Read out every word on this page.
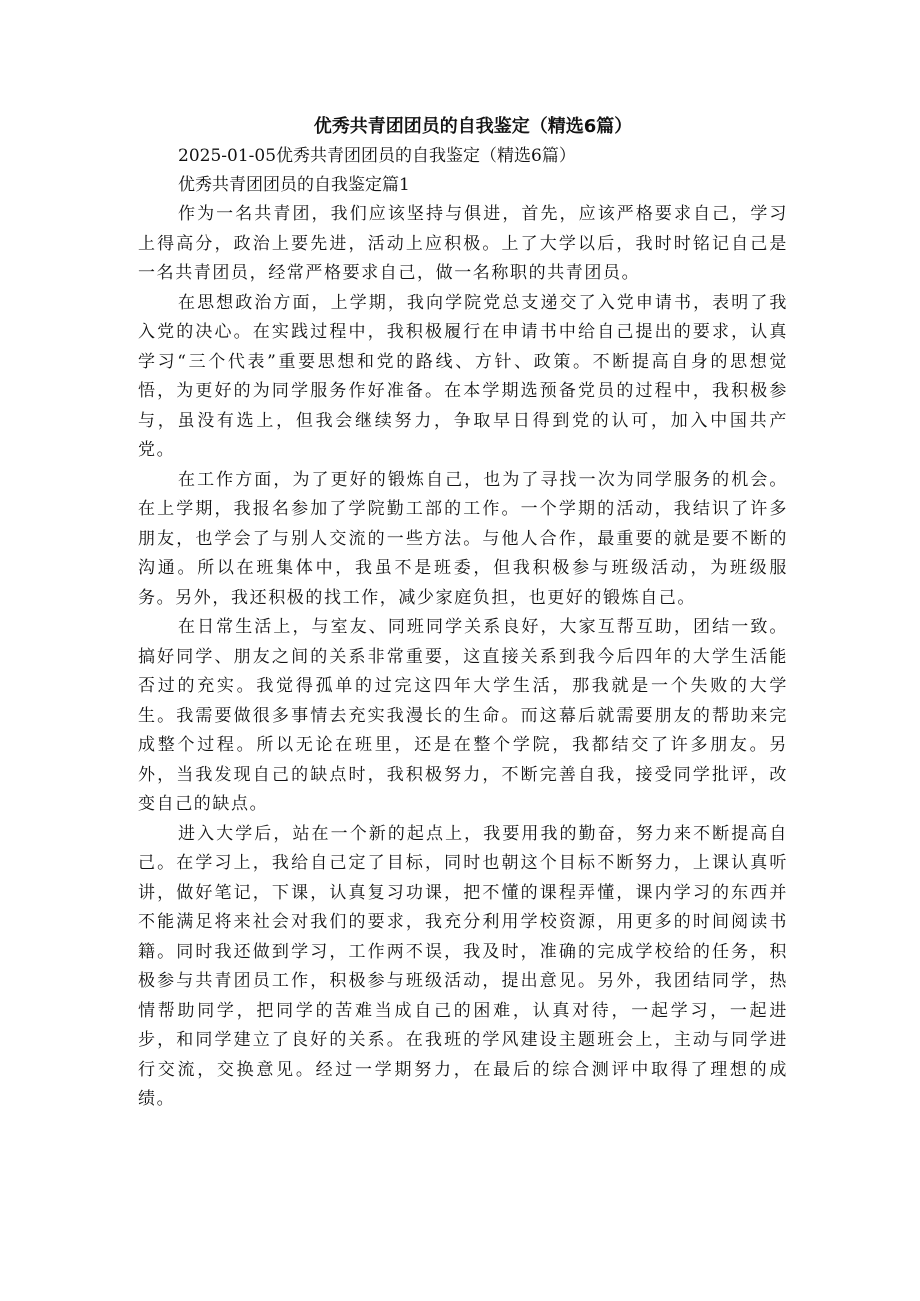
优秀共青团团员的自我鉴定（精选6篇）

2025-01-05优秀共青团团员的自我鉴定（精选6篇）

优秀共青团团员的自我鉴定篇1

作为一名共青团，我们应该坚持与俱进，首先，应该严格要求自己，学习上得高分，政治上要先进，活动上应积极。上了大学以后，我时时铭记自己是一名共青团员，经常严格要求自己，做一名称职的共青团员。

在思想政治方面，上学期，我向学院党总支递交了入党申请书，表明了我入党的决心。在实践过程中，我积极履行在申请书中给自己提出的要求，认真学习“三个代表”重要思想和党的路线、方针、政策。不断提高自身的思想觉悟，为更好的为同学服务作好准备。在本学期选预备党员的过程中，我积极参与，虽没有选上，但我会继续努力，争取早日得到党的认可，加入中国共产党。

在工作方面，为了更好的锻炼自己，也为了寻找一次为同学服务的机会。在上学期，我报名参加了学院勤工部的工作。一个学期的活动，我结识了许多朋友，也学会了与别人交流的一些方法。与他人合作，最重要的就是要不断的沟通。所以在班集体中，我虽不是班委，但我积极参与班级活动，为班级服务。另外，我还积极的找工作，减少家庭负担，也更好的锻炼自己。

在日常生活上，与室友、同班同学关系良好，大家互帮互助，团结一致。搞好同学、朋友之间的关系非常重要，这直接关系到我今后四年的大学生活能否过的充实。我觉得孤单的过完这四年大学生活，那我就是一个失败的大学生。我需要做很多事情去充实我漫长的生命。而这幕后就需要朋友的帮助来完成整个过程。所以无论在班里，还是在整个学院，我都结交了许多朋友。另外，当我发现自己的缺点时，我积极努力，不断完善自我，接受同学批评，改变自己的缺点。

进入大学后，站在一个新的起点上，我要用我的勤奋，努力来不断提高自己。在学习上，我给自己定了目标，同时也朝这个目标不断努力，上课认真听讲，做好笔记，下课，认真复习功课，把不懂的课程弄懂，课内学习的东西并不能满足将来社会对我们的要求，我充分利用学校资源，用更多的时间阅读书籍。同时我还做到学习，工作两不误，我及时，准确的完成学校给的任务，积极参与共青团员工作，积极参与班级活动，提出意见。另外，我团结同学，热情帮助同学，把同学的苦难当成自己的困难，认真对待，一起学习，一起进步，和同学建立了良好的关系。在我班的学风建设主题班会上，主动与同学进行交流，交换意见。经过一学期努力，在最后的综合测评中取得了理想的成绩。
